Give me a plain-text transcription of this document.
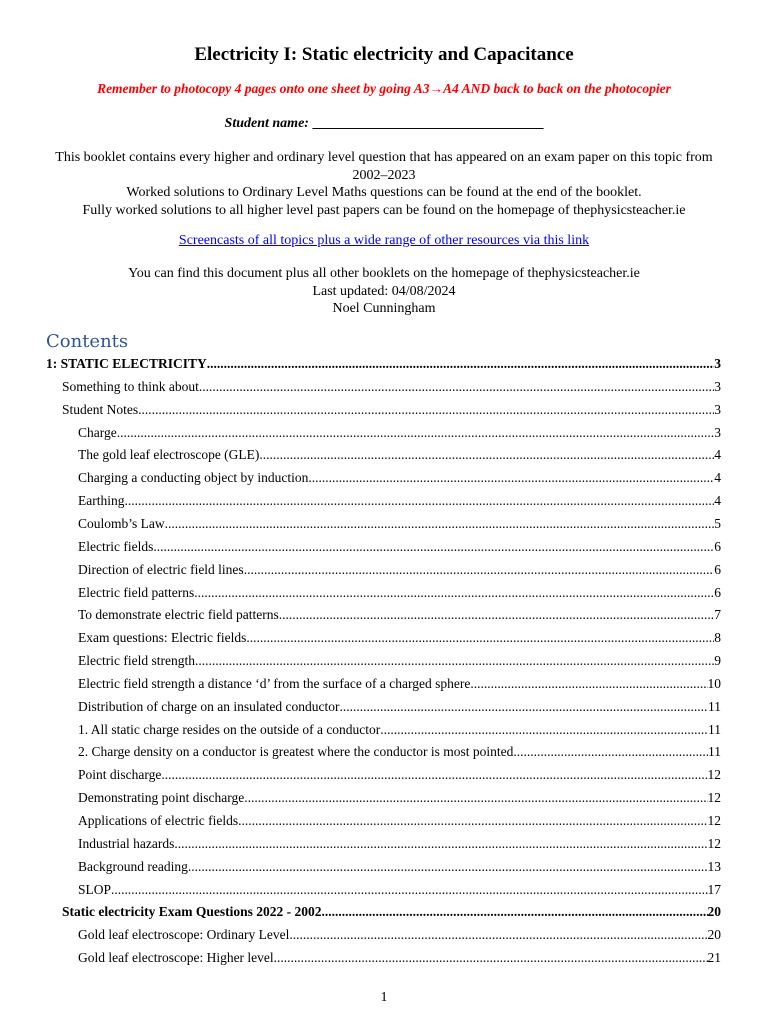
Electricity I: Static electricity and Capacitance
Remember to photocopy 4 pages onto one sheet by going A3→A4 AND back to back on the photocopier
Student name: _________________________________

This booklet contains every higher and ordinary level question that has appeared on an exam paper on this topic from 2002–2023

Worked solutions to Ordinary Level Maths questions can be found at the end of the booklet.

Fully worked solutions to all higher level past papers can be found on the homepage of thephysicsteacher.ie

Screencasts of all topics plus a wide range of other resources via this link

You can find this document plus all other booklets on the homepage of thephysicsteacher.ie

Last updated: 04/08/2024

Noel Cunningham

Contents
1: STATIC ELECTRICITY .....	3
Something to think about .....	3
Student Notes .....	3
Charge .....	3
The gold leaf electroscope (GLE) .....	4
Charging a conducting object by induction .....	4
Earthing .....	4
Coulomb’s Law .....	5
Electric fields .....	6
Direction of electric field lines .....	6
Electric field patterns .....	6
To demonstrate electric field patterns .....	7
Exam questions: Electric fields .....	8
Electric field strength .....	9
Electric field strength a distance ‘d’ from the surface of a charged sphere .....	10
Distribution of charge on an insulated conductor .....	11
1. All static charge resides on the outside of a conductor .....	11
2. Charge density on a conductor is greatest where the conductor is most pointed .....	11
Point discharge .....	12
Demonstrating point discharge .....	12
Applications of electric fields .....	12
Industrial hazards .....	12
Background reading .....	13
SLOP .....	17
Static electricity Exam Questions 2022 - 2002 .....	20
Gold leaf electroscope: Ordinary Level .....	20
Gold leaf electroscope: Higher level .....	21
1
